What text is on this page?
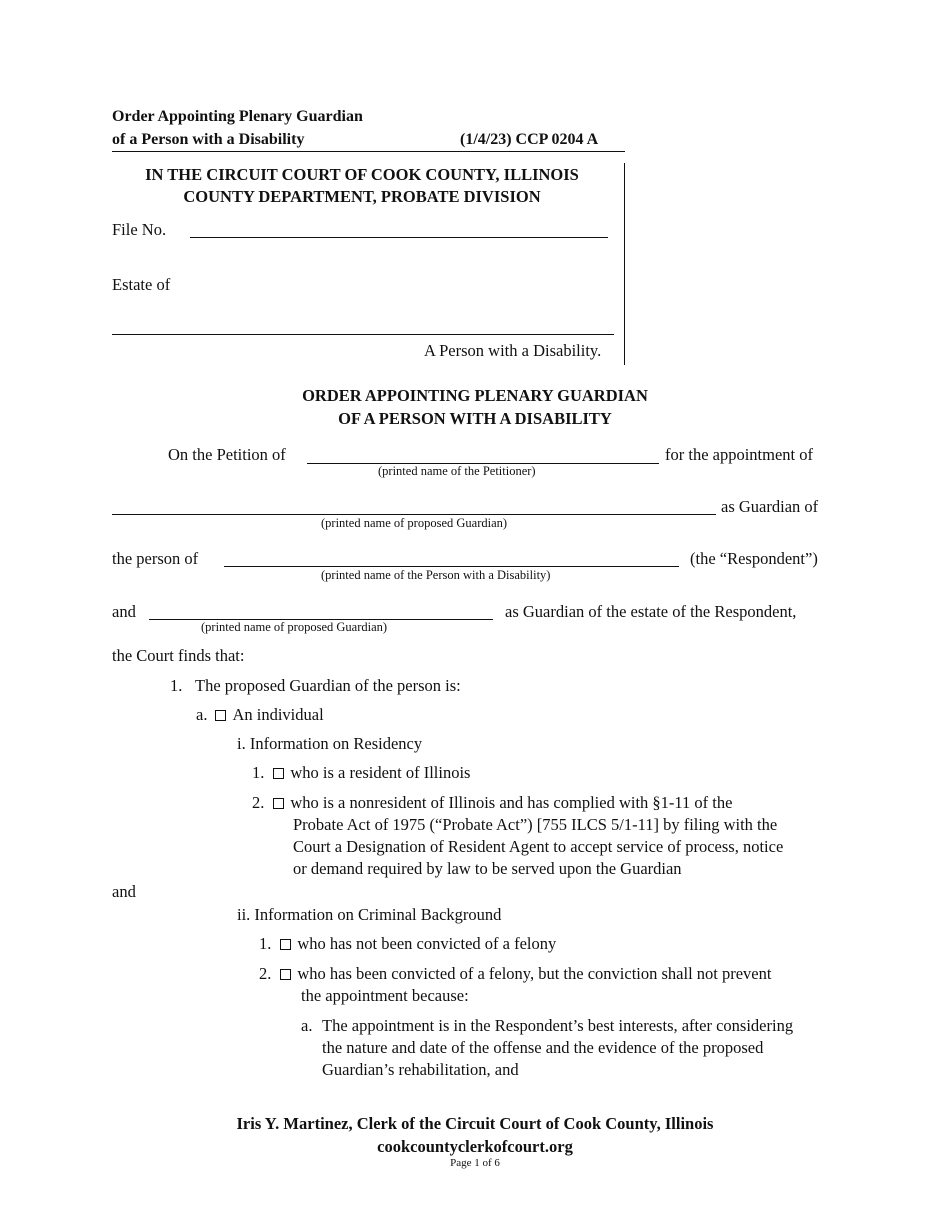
Order Appointing Plenary Guardian
of a Person with a Disability	(1/4/23) CCP 0204 A
IN THE CIRCUIT COURT OF COOK COUNTY, ILLINOIS
COUNTY DEPARTMENT, PROBATE DIVISION
File No.
Estate of
A Person with a Disability.
ORDER APPOINTING PLENARY GUARDIAN
OF A PERSON WITH A DISABILITY
On the Petition of	for the appointment of
(printed name of the Petitioner)
as Guardian of
(printed name of proposed Guardian)
the person of	(the “Respondent”)
(printed name of the Person with a Disability)
and	as Guardian of the estate of the Respondent,
(printed name of proposed Guardian)
the Court finds that:
1. The proposed Guardian of the person is:
a. An individual
i. Information on Residency
1. who is a resident of Illinois
2. who is a nonresident of Illinois and has complied with §1-11 of the
Probate Act of 1975 (“Probate Act”) [755 ILCS 5/1-11] by filing with the
Court a Designation of Resident Agent to accept service of process, notice
or demand required by law to be served upon the Guardian
and
ii. Information on Criminal Background
1. who has not been convicted of a felony
2. who has been convicted of a felony, but the conviction shall not prevent
the appointment because:
a. The appointment is in the Respondent’s best interests, after considering
the nature and date of the offense and the evidence of the proposed
Guardian’s rehabilitation, and
Iris Y. Martinez, Clerk of the Circuit Court of Cook County, Illinois
cookcountyclerkofcourt.org
Page 1 of 6
